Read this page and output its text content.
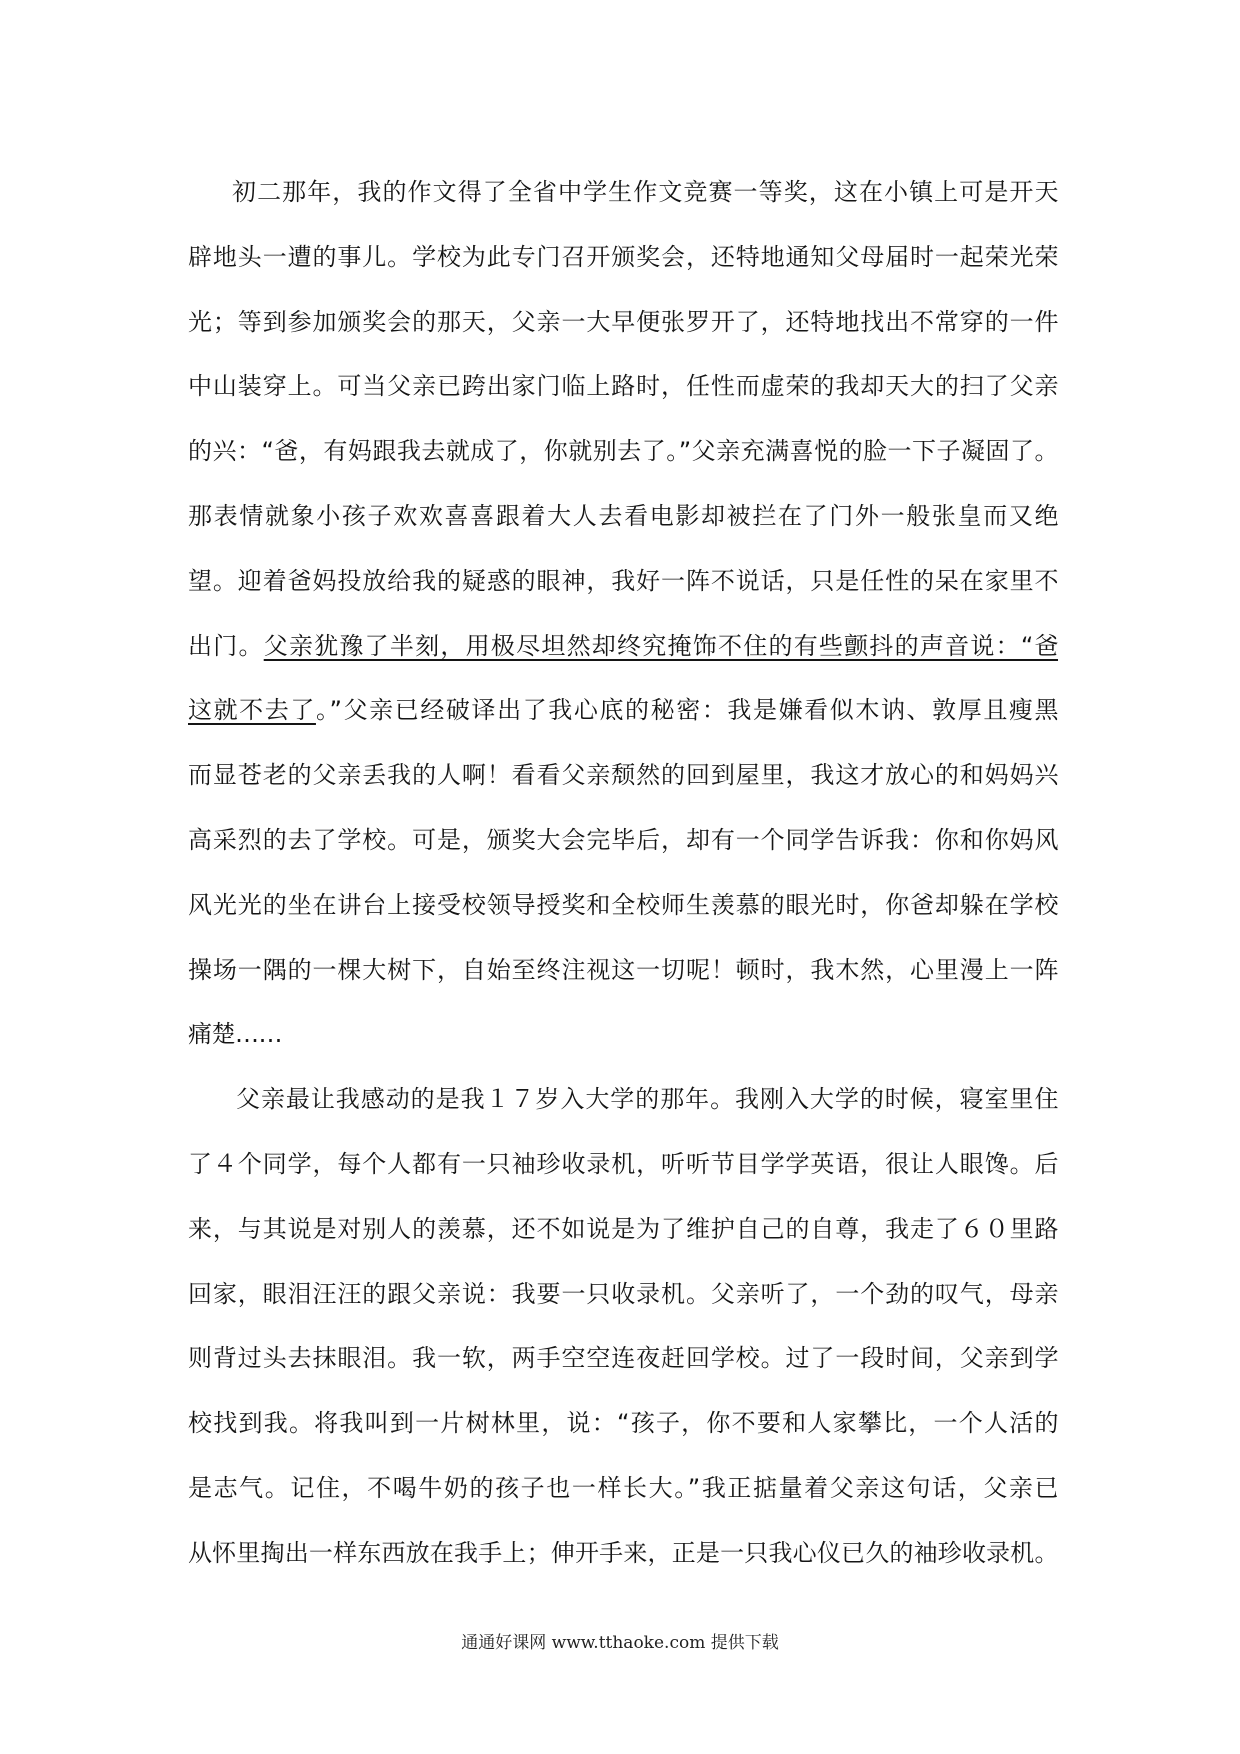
初二那年，我的作文得了全省中学生作文竞赛一等奖，这在小镇上可是开天
辟地头一遭的事儿。学校为此专门召开颁奖会，还特地通知父母届时一起荣光荣
光；等到参加颁奖会的那天，父亲一大早便张罗开了，还特地找出不常穿的一件
中山装穿上。可当父亲已跨出家门临上路时，任性而虚荣的我却天大的扫了父亲
的兴：“爸，有妈跟我去就成了，你就别去了。”父亲充满喜悦的脸一下子凝固了。
那表情就象小孩子欢欢喜喜跟着大人去看电影却被拦在了门外一般张皇而又绝
望。迎着爸妈投放给我的疑惑的眼神，我好一阵不说话，只是任性的呆在家里不
出门。父亲犹豫了半刻，用极尽坦然却终究掩饰不住的有些颤抖的声音说：“爸
这就不去了。”父亲已经破译出了我心底的秘密：我是嫌看似木讷、敦厚且瘦黑
而显苍老的父亲丢我的人啊！看看父亲颓然的回到屋里，我这才放心的和妈妈兴
高采烈的去了学校。可是，颁奖大会完毕后，却有一个同学告诉我：你和你妈风
风光光的坐在讲台上接受校领导授奖和全校师生羡慕的眼光时，你爸却躲在学校
操场一隅的一棵大树下，自始至终注视这一切呢！顿时，我木然，心里漫上一阵
痛楚……
父亲最让我感动的是我１７岁入大学的那年。我刚入大学的时候，寝室里住
了４个同学，每个人都有一只袖珍收录机，听听节目学学英语，很让人眼馋。后
来，与其说是对别人的羡慕，还不如说是为了维护自己的自尊，我走了６０里路
回家，眼泪汪汪的跟父亲说：我要一只收录机。父亲听了，一个劲的叹气，母亲
则背过头去抹眼泪。我一软，两手空空连夜赶回学校。过了一段时间，父亲到学
校找到我。将我叫到一片树林里，说：“孩子，你不要和人家攀比，一个人活的
是志气。记住，不喝牛奶的孩子也一样长大。”我正掂量着父亲这句话，父亲已
从怀里掏出一样东西放在我手上；伸开手来，正是一只我心仪已久的袖珍收录机。
通通好课网 www.tthaoke.com 提供下载
